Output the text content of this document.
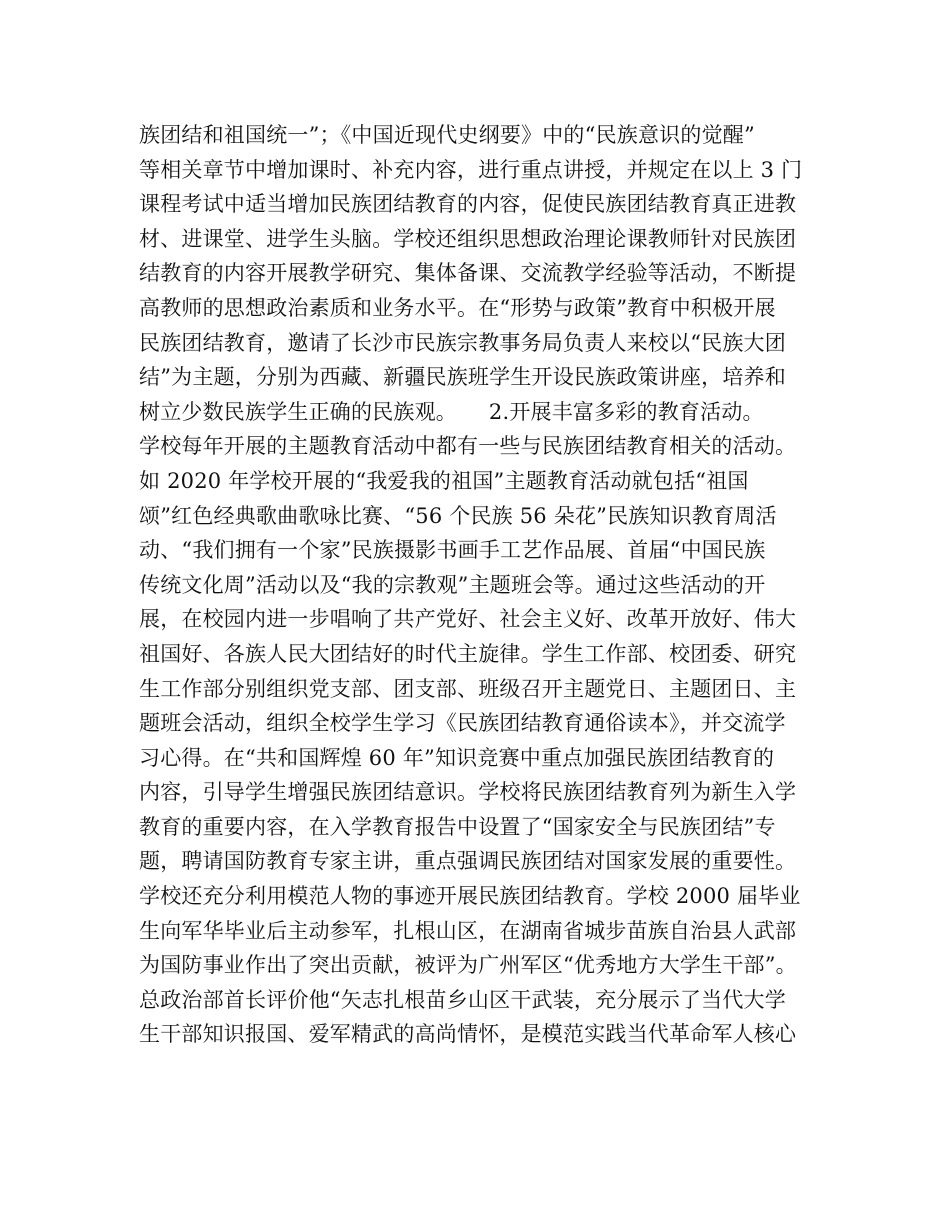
族团结和祖国统一”；《中国近现代史纲要》中的“民族意识的觉醒”
等相关章节中增加课时、补充内容，进行重点讲授，并规定在以上 3 门
课程考试中适当增加民族团结教育的内容，促使民族团结教育真正进教
材、进课堂、进学生头脑。学校还组织思想政治理论课教师针对民族团
结教育的内容开展教学研究、集体备课、交流教学经验等活动，不断提
高教师的思想政治素质和业务水平。在“形势与政策”教育中积极开展
民族团结教育，邀请了长沙市民族宗教事务局负责人来校以“民族大团
结”为主题，分别为西藏、新疆民族班学生开设民族政策讲座，培养和
树立少数民族学生正确的民族观。　　2.开展丰富多彩的教育活动。
学校每年开展的主题教育活动中都有一些与民族团结教育相关的活动。
如 2020 年学校开展的“我爱我的祖国”主题教育活动就包括“祖国
颂”红色经典歌曲歌咏比赛、“56 个民族 56 朵花”民族知识教育周活
动、“我们拥有一个家”民族摄影书画手工艺作品展、首届“中国民族
传统文化周”活动以及“我的宗教观”主题班会等。通过这些活动的开
展，在校园内进一步唱响了共产党好、社会主义好、改革开放好、伟大
祖国好、各族人民大团结好的时代主旋律。学生工作部、校团委、研究
生工作部分别组织党支部、团支部、班级召开主题党日、主题团日、主
题班会活动，组织全校学生学习《民族团结教育通俗读本》，并交流学
习心得。在“共和国辉煌 60 年”知识竞赛中重点加强民族团结教育的
内容，引导学生增强民族团结意识。学校将民族团结教育列为新生入学
教育的重要内容，在入学教育报告中设置了“国家安全与民族团结”专
题，聘请国防教育专家主讲，重点强调民族团结对国家发展的重要性。
学校还充分利用模范人物的事迹开展民族团结教育。学校 2000 届毕业
生向军华毕业后主动参军，扎根山区，在湖南省城步苗族自治县人武部
为国防事业作出了突出贡献，被评为广州军区“优秀地方大学生干部”。
总政治部首长评价他“矢志扎根苗乡山区干武装，充分展示了当代大学
生干部知识报国、爱军精武的高尚情怀，是模范实践当代革命军人核心
